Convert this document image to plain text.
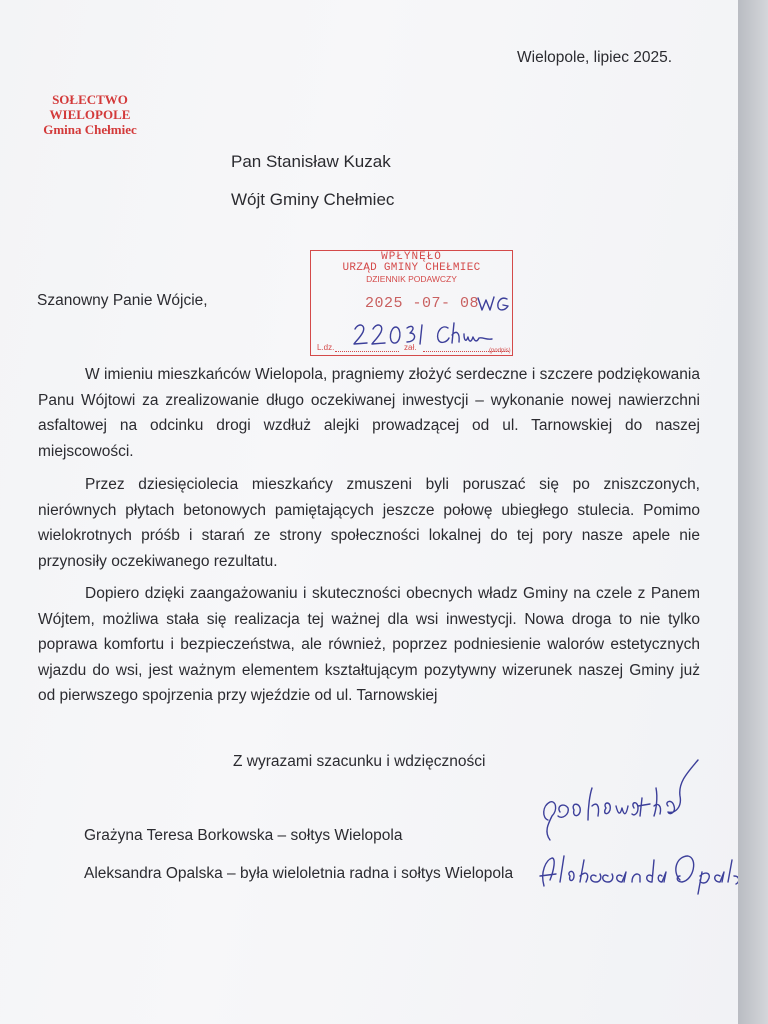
Wielopole, lipiec 2025.
SOŁECTWO
WIELOPOLE
Gmina Chełmiec
Pan Stanisław Kuzak
Wójt Gminy Chełmiec
WPŁYNĘŁO
URZĄD GMINY CHEŁMIEC
DZIENNIK PODAWCZY
2025 -07- 08
L.dz.	zał.	(podpis)
Szanowny Panie Wójcie,
W imieniu mieszkańców Wielopola, pragniemy złożyć serdeczne i szczere podziękowania Panu Wójtowi za zrealizowanie długo oczekiwanej inwestycji – wykonanie nowej nawierzchni asfaltowej na odcinku drogi wzdłuż alejki prowadzącej od ul. Tarnowskiej do naszej miejscowości.
Przez dziesięciolecia mieszkańcy zmuszeni byli poruszać się po zniszczonych, nierównych płytach betonowych pamiętających jeszcze połowę ubiegłego stulecia. Pomimo wielokrotnych próśb i starań ze strony społeczności lokalnej do tej pory nasze apele nie przynosiły oczekiwanego rezultatu.
Dopiero dzięki zaangażowaniu i skuteczności obecnych władz Gminy na czele z Panem Wójtem, możliwa stała się realizacja tej ważnej dla wsi inwestycji. Nowa droga to nie tylko poprawa komfortu i bezpieczeństwa, ale również, poprzez podniesienie walorów estetycznych wjazdu do wsi, jest ważnym elementem kształtującym pozytywny wizerunek naszej Gminy już od pierwszego spojrzenia przy wjeździe od ul. Tarnowskiej
Z wyrazami szacunku i wdzięczności
Grażyna Teresa Borkowska – sołtys Wielopola
Aleksandra Opalska – była wieloletnia radna i sołtys Wielopola
